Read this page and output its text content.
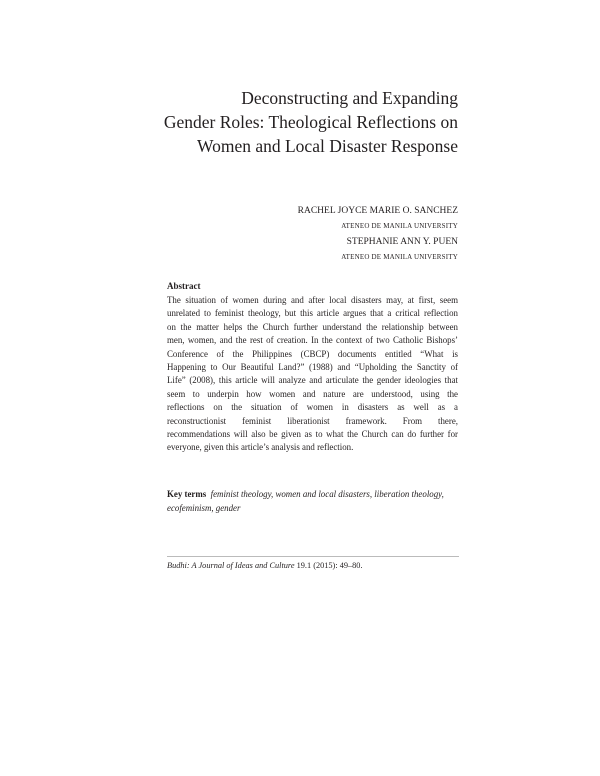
Deconstructing and Expanding
Gender Roles: Theological Reflections on
Women and Local Disaster Response
RACHEL JOYCE MARIE O. SANCHEZ
ATENEO DE MANILA UNIVERSITY
STEPHANIE ANN Y. PUEN
ATENEO DE MANILA UNIVERSITY
Abstract
The situation of women during and after local disasters may, at first, seem
unrelated to feminist theology, but this article argues that a critical reflection
on the matter helps the Church further understand the relationship between
men, women, and the rest of creation. In the context of two Catholic Bishops’
Conference of the Philippines (CBCP) documents entitled “What is
Happening to Our Beautiful Land?” (1988) and “Upholding the Sanctity of
Life” (2008), this article will analyze and articulate the gender ideologies that
seem to underpin how women and nature are understood, using the
reflections on the situation of women in disasters as well as a
reconstructionist feminist liberationist framework. From there,
recommendations will also be given as to what the Church can do further for
everyone, given this article’s analysis and reflection.
Key terms feminist theology, women and local disasters, liberation theology, ecofeminism, gender
Budhi: A Journal of Ideas and Culture 19.1 (2015): 49–80.
